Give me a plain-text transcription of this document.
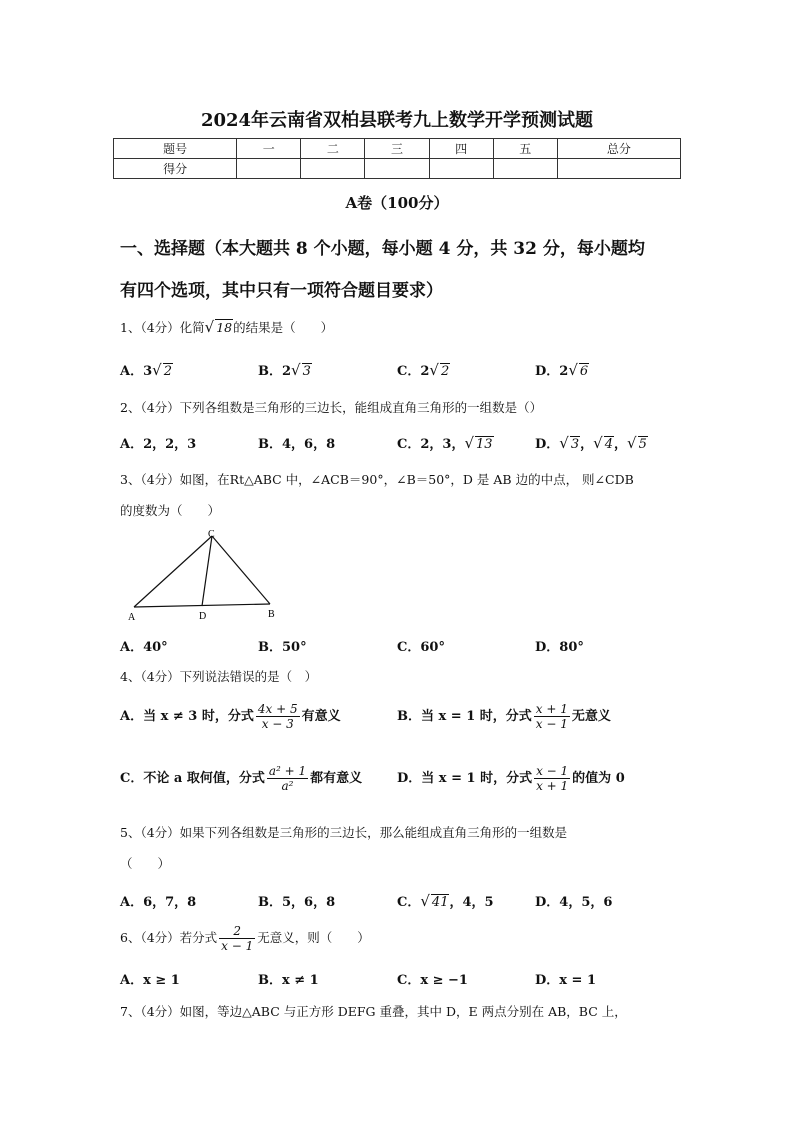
2024年云南省双柏县联考九上数学开学预测试题
题号	一	二	三	四	五	总分
得分						
A卷（100分）
一、选择题（本大题共 8 个小题，每小题 4 分，共 32 分，每小题均
有四个选项，其中只有一项符合题目要求）
1、（4分）化简√ 18的结果是（　　）
A．3√ 2	B．2√ 3	C．2√ 2	D．2√ 6
2、（4分）下列各组数是三角形的三边长，能组成直角三角形的一组数是（）
A．2，2，3	B．4，6，8	C．2，3，√ 13	D．√ 3，√ 4，√ 5
3、（4分）如图，在Rt△ABC 中，∠ACB＝90°，∠B＝50°，D 是 AB 边的中点， 则∠CDB
的度数为（　　）
C
A	D	B
A．40°	B．50°	C．60°	D．80°
4、（4分）下列说法错误的是（　）
A．当 x ≠ 3 时，分式 $\frac{4x + 5}{x - 3}$ 有意义	B．当 x = 1 时，分式 $\frac{x + 1}{x - 1}$ 无意义
C．不论 a 取何值，分式 $\frac{\text{a² + 1}}{\text{a²}}$ 都有意义	D．当 x = 1 时，分式 $\frac{x - 1}{x + 1}$ 的值为 0
5、（4分）如果下列各组数是三角形的三边长，那么能组成直角三角形的一组数是
（　　）
A．6，7，8	B．5，6，8	C．√ 41，4，5	D．4，5，6
6、（4分）若分式 $\frac{2}{x - 1}$ 无意义，则（　　）
A．x ≥ 1	B．x ≠ 1	C．x ≥ −1	D．x = 1
7、（4分）如图，等边△ABC 与正方形 DEFG 重叠，其中 D，E 两点分别在 AB，BC 上，
